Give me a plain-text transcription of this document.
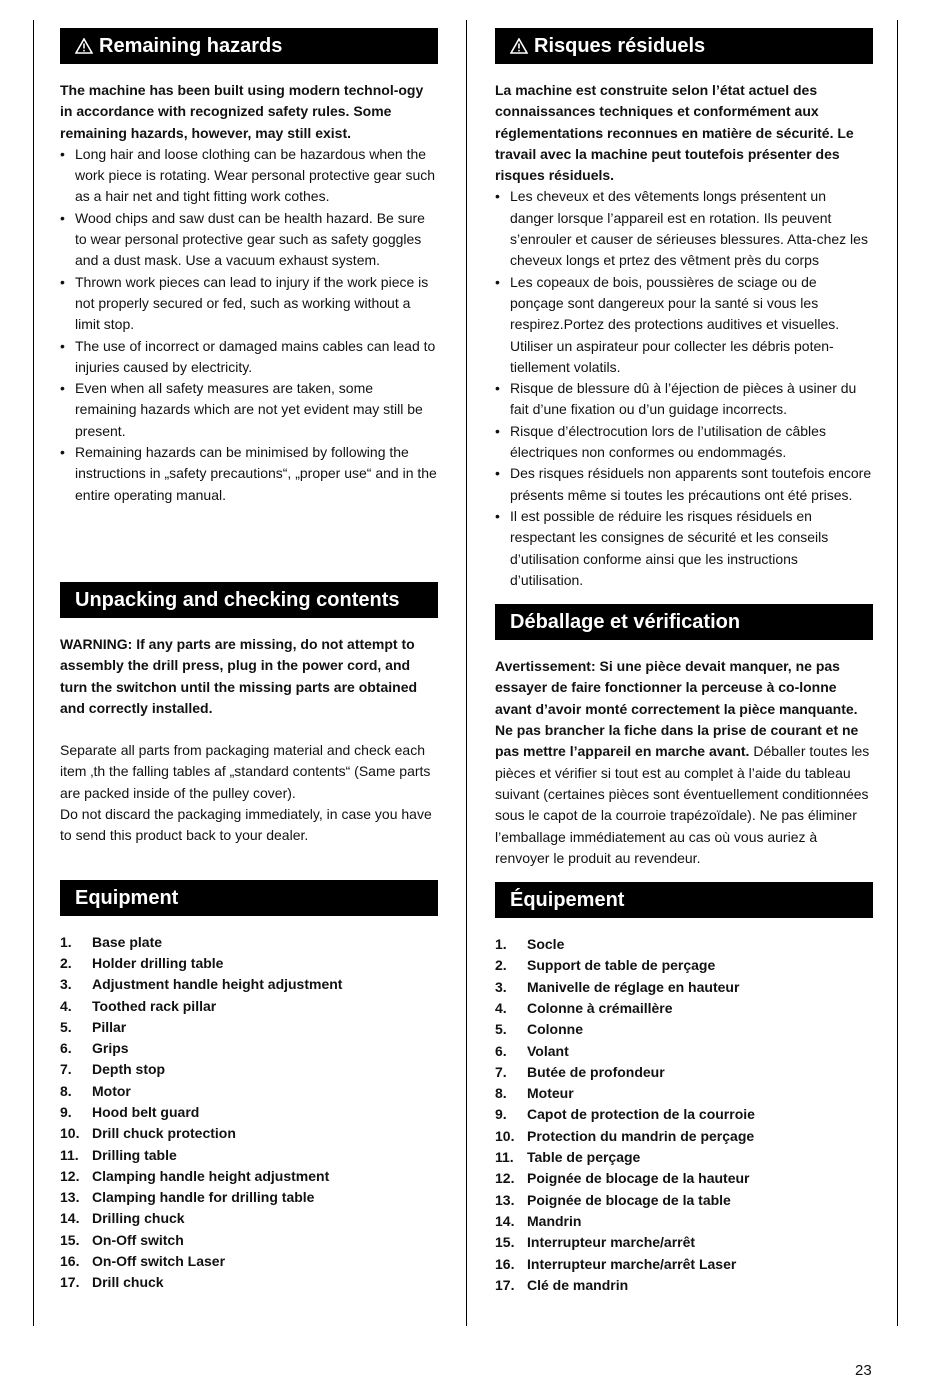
Remaining hazards

The machine has been built using modern technol-ogy in accordance with recognized safety rules. Some remaining hazards, however, may still exist.

• Long hair and loose clothing can be hazardous when the work piece is rotating. Wear personal protective gear such as a hair net and tight fitting work cothes.
• Wood chips and saw dust can be health hazard. Be sure to wear personal protective gear such as safety goggles and a dust mask. Use a vacuum exhaust system.
• Thrown work pieces can lead to injury if the work piece is not properly secured or fed, such as working without a limit stop.
• The use of incorrect or damaged mains cables can lead to injuries caused by electricity.
• Even when all safety measures are taken, some remaining hazards which are not yet evident may still be present.
• Remaining hazards can be minimised by following the instructions in „safety precautions“, „proper use“ and in the entire operating manual.
Unpacking and checking contents

WARNING: If any parts are missing, do not attempt to assembly the drill press, plug in the power cord, and turn the switchon until the missing parts are obtained and correctly installed.

Separate all parts from packaging material and check each item ‚th the falling tables af „standard contents“ (Same parts are packed inside of the pulley cover).

Do not discard the packaging immediately, in case you have to send this product back to your dealer.

Equipment
1.	Base plate
2.	Holder drilling table
3.	Adjustment handle height adjustment
4.	Toothed rack pillar
5.	Pillar
6.	Grips
7.	Depth stop
8.	Motor
9.	Hood belt guard
10. Drill chuck protection
11. Drilling table
12. Clamping handle height adjustment
13. Clamping handle for drilling table
14. Drilling chuck
15. On-Off switch
16. On-Off switch Laser
17. Drill chuck
Risques résiduels

La machine est construite selon l’état actuel des connaissances techniques et conformément aux réglementations reconnues en matière de sécurité. Le travail avec la machine peut toutefois présenter des risques résiduels.

• Les cheveux et des vêtements longs présentent un danger lorsque l’appareil est en rotation. Ils peuvent s’enrouler et causer de sérieuses blessures. Atta-chez les cheveux longs et prtez des vêtment près du corps
• Les copeaux de bois, poussières de sciage ou de ponçage sont dangereux pour la santé si vous les respirez.Portez des protections auditives et visuelles. Utiliser un aspirateur pour collecter les débris poten-tiellement volatils.
• Risque de blessure dû à l’éjection de pièces à usiner du fait d’une fixation ou d’un guidage incorrects.
• Risque d’électrocution lors de l’utilisation de câbles électriques non conformes ou endommagés.
• Des risques résiduels non apparents sont toutefois encore présents même si toutes les précautions ont été prises.
• Il est possible de réduire les risques résiduels en respectant les consignes de sécurité et les conseils d’utilisation conforme ainsi que les instructions d’utilisation.
Déballage et vérification

Avertissement: Si une pièce devait manquer, ne pas essayer de faire fonctionner la perceuse à co-lonne avant d’avoir monté correctement la pièce manquante. Ne pas brancher la fiche dans la prise de courant et ne pas mettre l’appareil en marche avant. Déballer toutes les pièces et vérifier si tout est au complet à l’aide du tableau suivant (certaines pièces sont éventuellement conditionnées sous le capot de la courroie trapézoïdale). Ne pas éliminer l’emballage immédiatement au cas où vous auriez à renvoyer le produit au revendeur.

Équipement
1.	Socle
2.	Support de table de perçage
3.	Manivelle de réglage en hauteur
4.	Colonne à crémaillère
5.	Colonne
6.	Volant
7.	Butée de profondeur
8.	Moteur
9.	Capot de protection de la courroie
10. Protection du mandrin de perçage
11. Table de perçage
12. Poignée de blocage de la hauteur
13. Poignée de blocage de la table
14. Mandrin
15. Interrupteur marche/arrêt
16. Interrupteur marche/arrêt Laser
17. Clé de mandrin
23
